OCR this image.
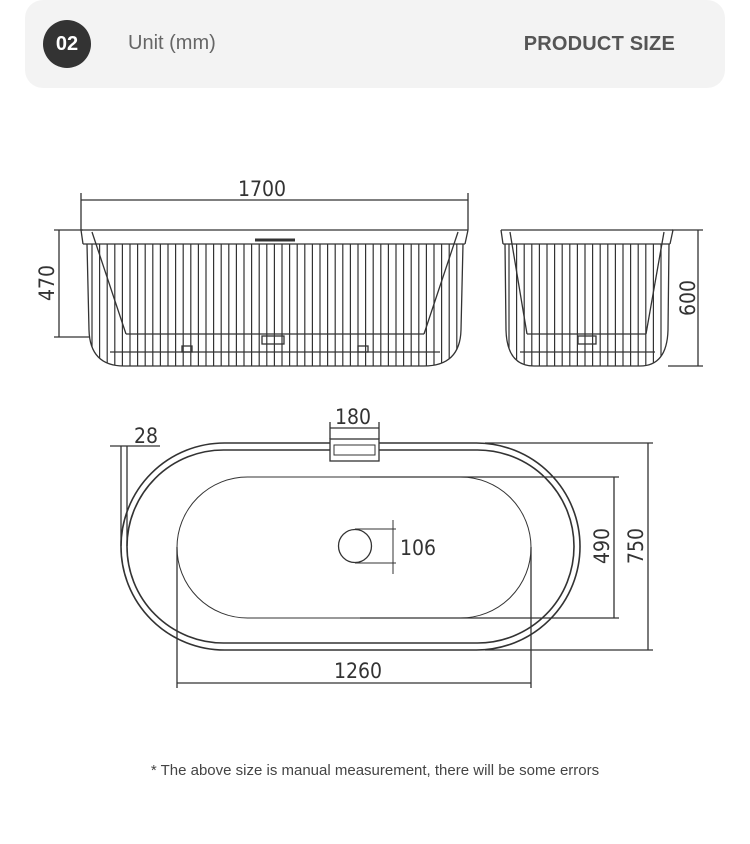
02	Unit (mm)	PRODUCT SIZE
1700
470	600
180
28
106	490 750
1260
* The above size is manual measurement, there will be some errors
